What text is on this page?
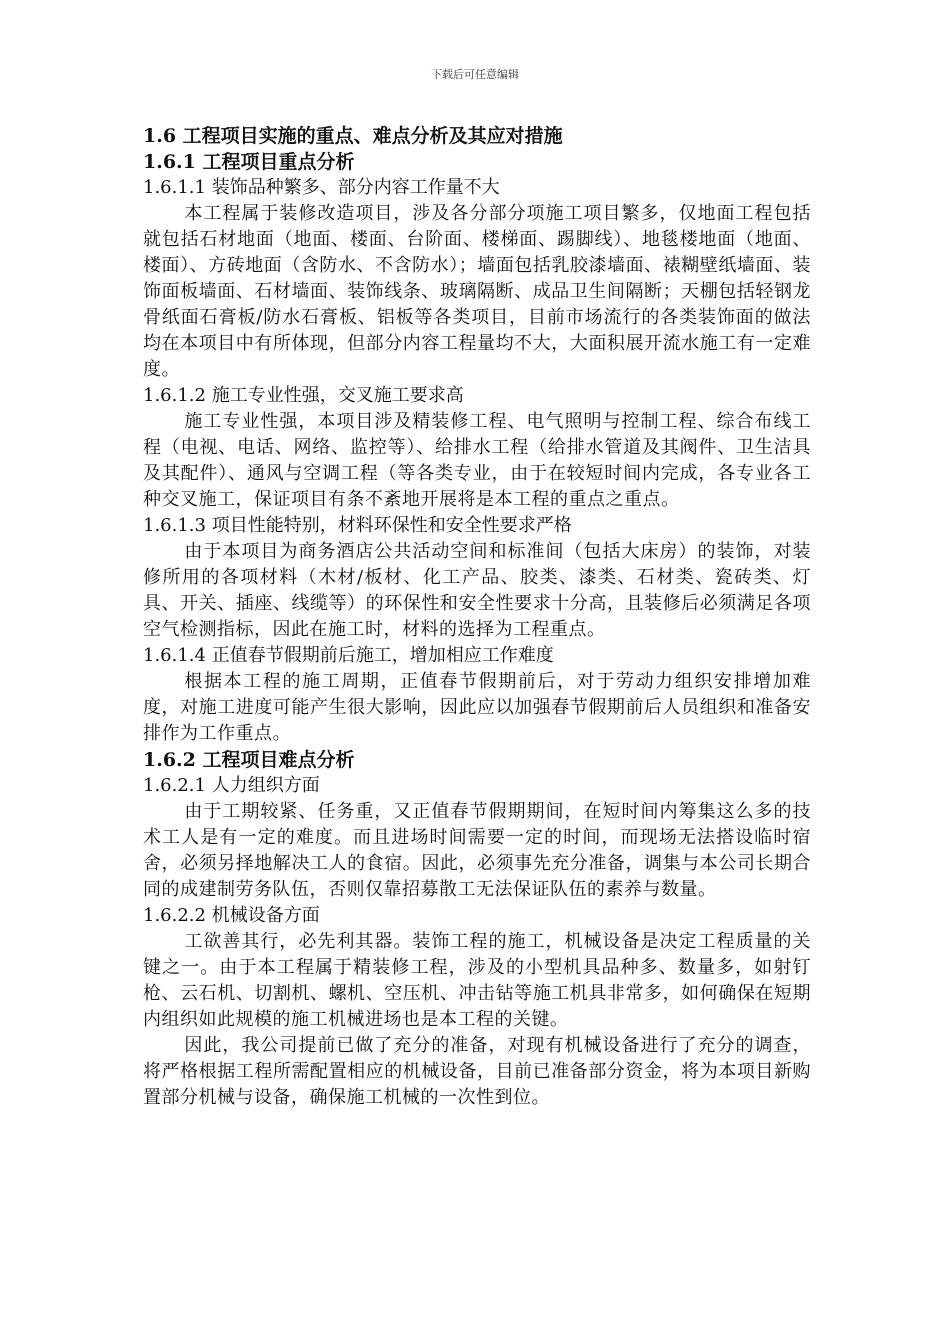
下载后可任意编辑
1.6 工程项目实施的重点、难点分析及其应对措施
1.6.1 工程项目重点分析
1.6.1.1 装饰品种繁多、部分内容工作量不大
本工程属于装修改造项目，涉及各分部分项施工项目繁多，仅地面工程包括就包括石材地面（地面、楼面、台阶面、楼梯面、踢脚线）、地毯楼地面（地面、楼面）、方砖地面（含防水、不含防水）；墙面包括乳胶漆墙面、裱糊壁纸墙面、装饰面板墙面、石材墙面、装饰线条、玻璃隔断、成品卫生间隔断；天棚包括轻钢龙骨纸面石膏板/防水石膏板、铝板等各类项目，目前市场流行的各类装饰面的做法均在本项目中有所体现，但部分内容工程量均不大，大面积展开流水施工有一定难度。
1.6.1.2 施工专业性强，交叉施工要求高
施工专业性强，本项目涉及精装修工程、电气照明与控制工程、综合布线工程（电视、电话、网络、监控等）、给排水工程（给排水管道及其阀件、卫生洁具及其配件）、通风与空调工程（等各类专业，由于在较短时间内完成，各专业各工种交叉施工，保证项目有条不紊地开展将是本工程的重点之重点。
1.6.1.3 项目性能特别，材料环保性和安全性要求严格
由于本项目为商务酒店公共活动空间和标准间（包括大床房）的装饰，对装修所用的各项材料（木材/板材、化工产品、胶类、漆类、石材类、瓷砖类、灯具、开关、插座、线缆等）的环保性和安全性要求十分高，且装修后必须满足各项空气检测指标，因此在施工时，材料的选择为工程重点。
1.6.1.4 正值春节假期前后施工，增加相应工作难度
根据本工程的施工周期，正值春节假期前后，对于劳动力组织安排增加难度，对施工进度可能产生很大影响，因此应以加强春节假期前后人员组织和准备安排作为工作重点。
1.6.2 工程项目难点分析
1.6.2.1 人力组织方面
由于工期较紧、任务重，又正值春节假期期间，在短时间内筹集这么多的技术工人是有一定的难度。而且进场时间需要一定的时间，而现场无法搭设临时宿舍，必须另择地解决工人的食宿。因此，必须事先充分准备，调集与本公司长期合同的成建制劳务队伍，否则仅靠招募散工无法保证队伍的素养与数量。
1.6.2.2 机械设备方面
工欲善其行，必先利其器。装饰工程的施工，机械设备是决定工程质量的关键之一。由于本工程属于精装修工程，涉及的小型机具品种多、数量多，如射钉枪、云石机、切割机、螺机、空压机、冲击钻等施工机具非常多，如何确保在短期内组织如此规模的施工机械进场也是本工程的关键。
因此，我公司提前已做了充分的准备，对现有机械设备进行了充分的调查，将严格根据工程所需配置相应的机械设备，目前已准备部分资金，将为本项目新购置部分机械与设备，确保施工机械的一次性到位。
